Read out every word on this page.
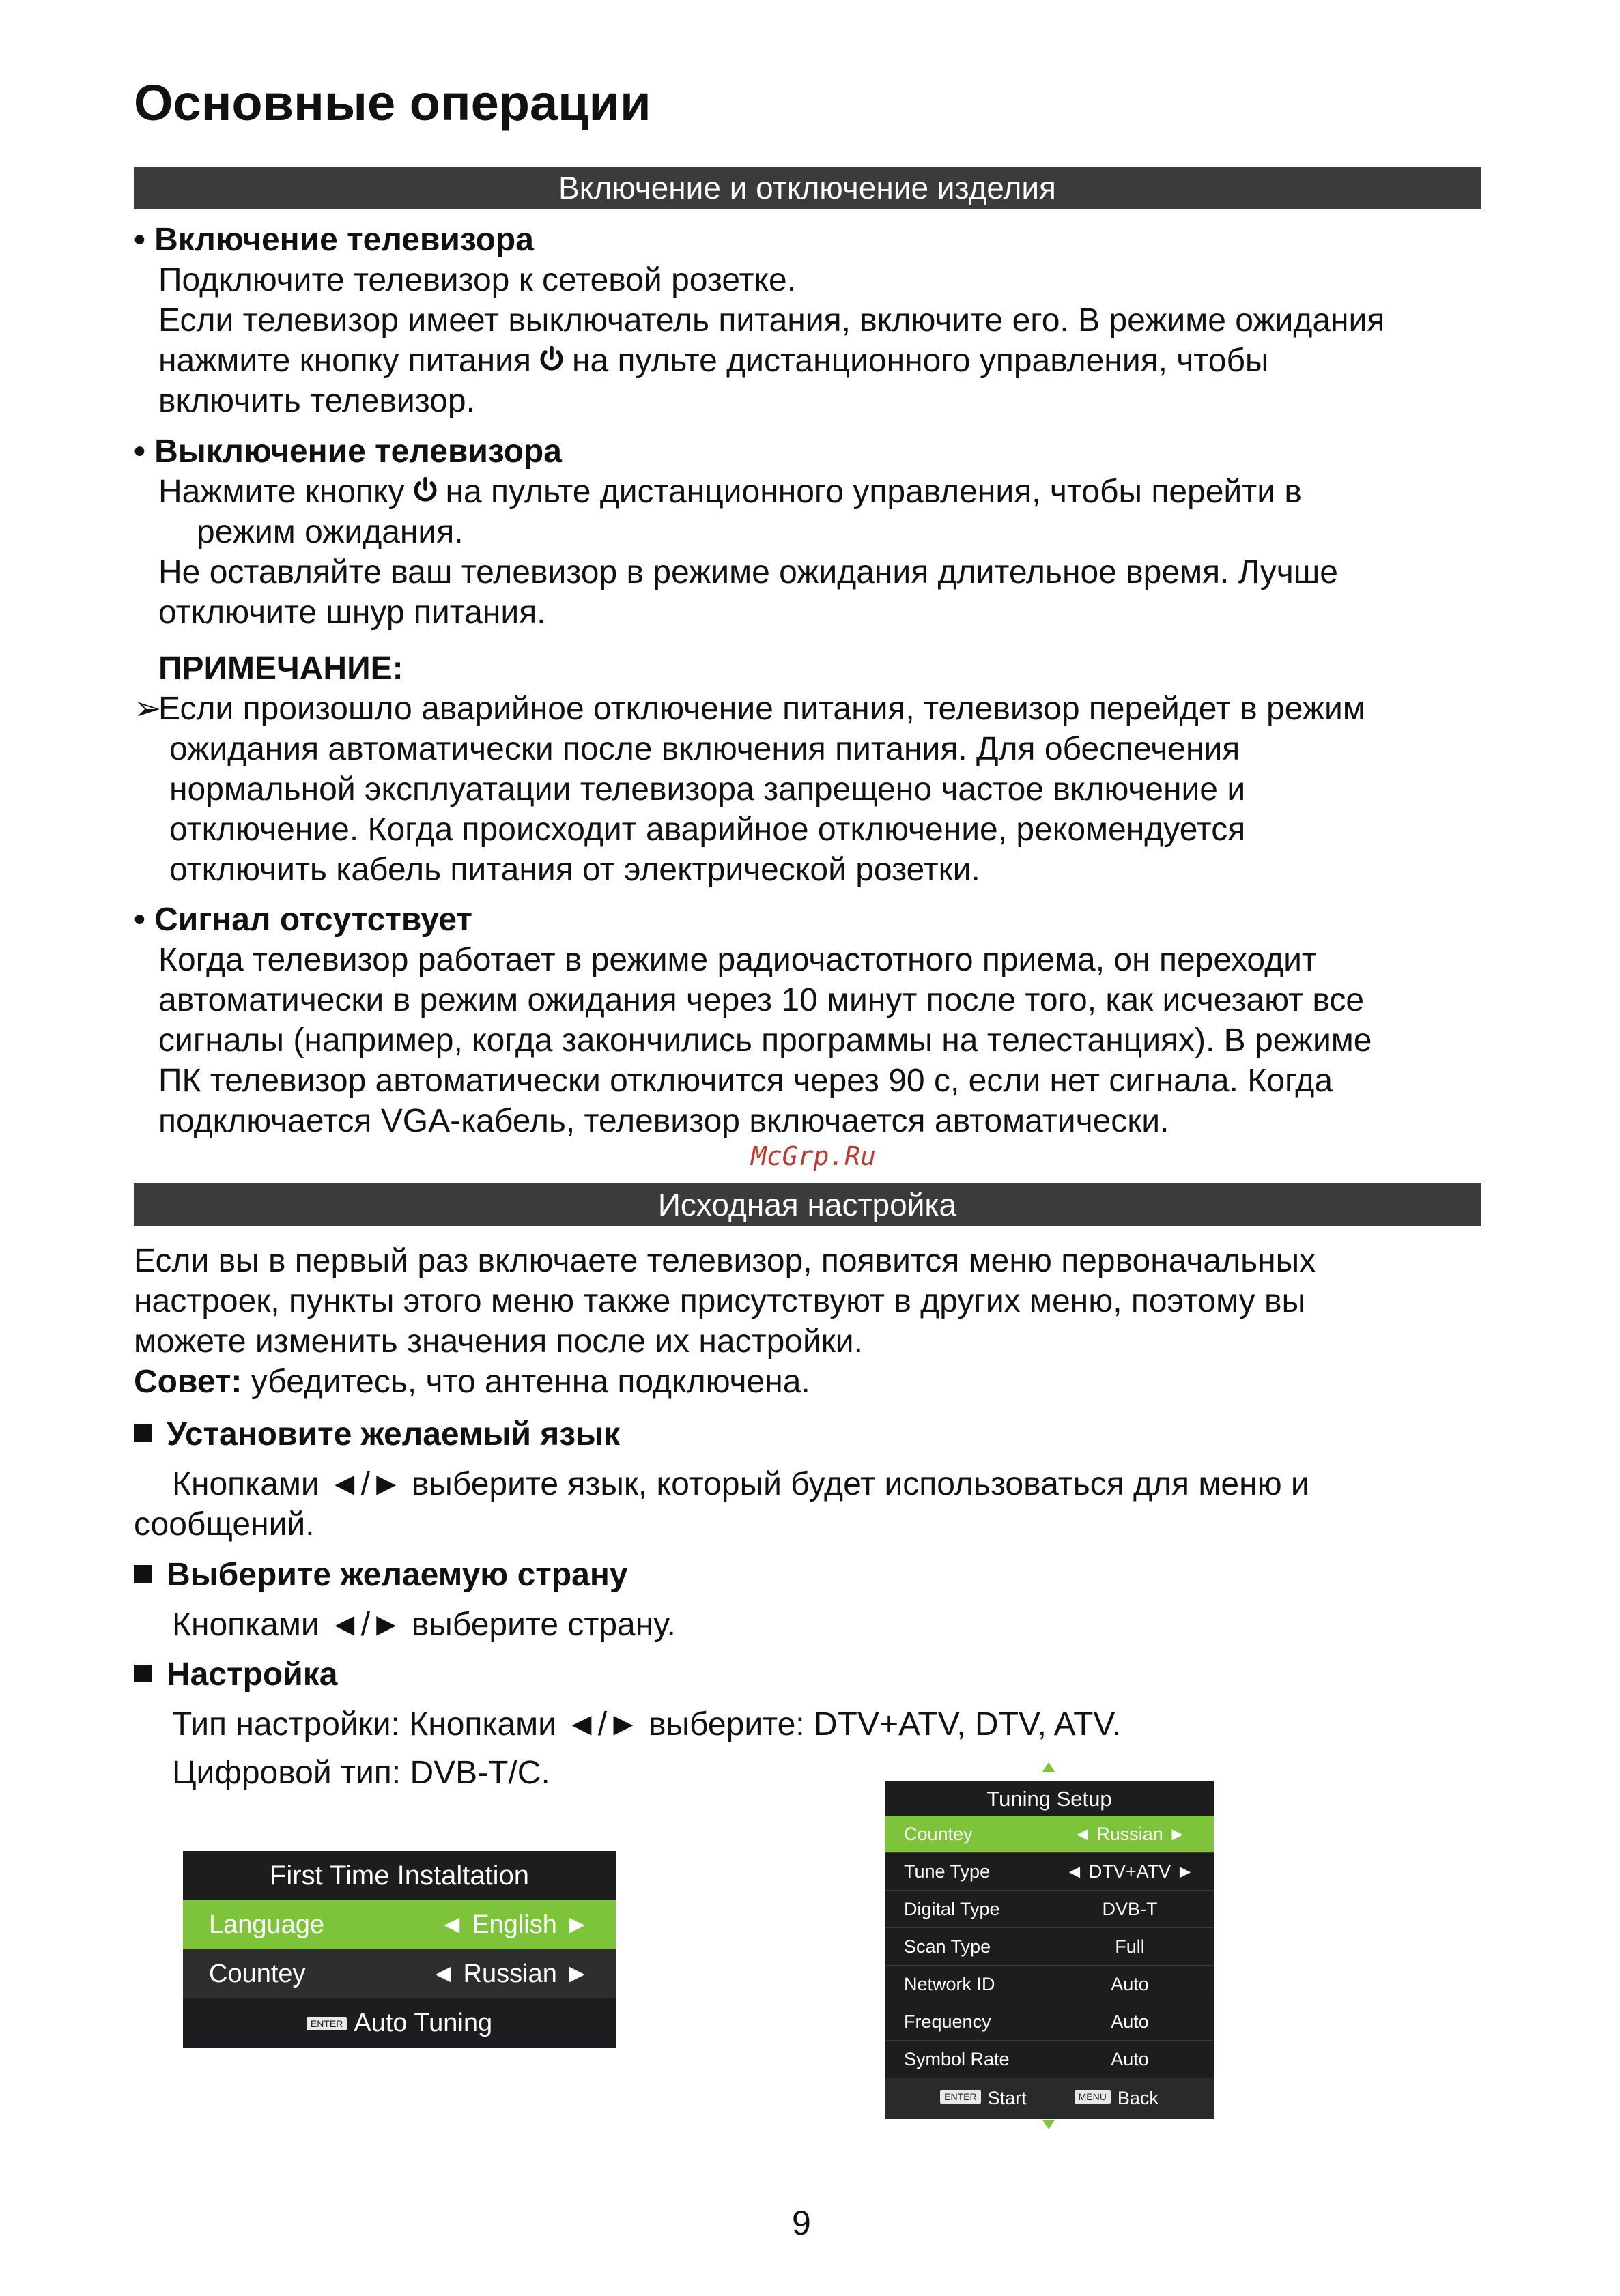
Основные операции
Включение и отключение изделия

• Включение телевизора

Подключите телевизор к сетевой розетке.

Если телевизор имеет выключатель питания, включите его. В режиме ожидания

нажмите кнопку питания на пульте дистанционного управления, чтобы

включить телевизор.

• Выключение телевизора

Нажмите кнопку на пульте дистанционного управления, чтобы перейти в

режим ожидания.

Не оставляйте ваш телевизор в режиме ожидания длительное время. Лучше

отключите шнур питания.

ПРИМЕЧАНИЕ:

➢Если произошло аварийное отключение питания, телевизор перейдет в режим

ожидания автоматически после включения питания. Для обеспечения

нормальной эксплуатации телевизора запрещено частое включение и

отключение. Когда происходит аварийное отключение, рекомендуется

отключить кабель питания от электрической розетки.

• Сигнал отсутствует

Когда телевизор работает в режиме радиочастотного приема, он переходит

автоматически в режим ожидания через 10 минут после того, как исчезают все

сигналы (например, когда закончились программы на телестанциях). В режиме

ПК телевизор автоматически отключится через 90 с, если нет сигнала. Когда

подключается VGA-кабель, телевизор включается автоматически.

McGrp.Ru
Исходная настройка

Если вы в первый раз включаете телевизор, появится меню первоначальных

настроек, пункты этого меню также присутствуют в других меню, поэтому вы

можете изменить значения после их настройки.

Совет: убедитесь, что антенна подключена.

Установите желаемый язык

Кнопками ◄/► выберите язык, который будет использоваться для меню и

сообщений.

Выберите желаемую страну

Кнопками ◄/► выберите страну.

Настройка

Тип настройки: Кнопками ◄/► выберите: DTV+ATV, DTV, ATV.

Цифровой тип: DVB-T/C.

First Time Instaltation
Language	◄ English ►
Countey	◄ Russian ►
ENTER Auto Tuning
Tuning Setup
Countey	◄ Russian ►
Tune Type	◄ DTV+ATV ►
Digital Type	DVB-T
Scan Type	Full
Network ID	Auto
Frequency	Auto
Symbol Rate	Auto
ENTER Start	MENU Back
9
